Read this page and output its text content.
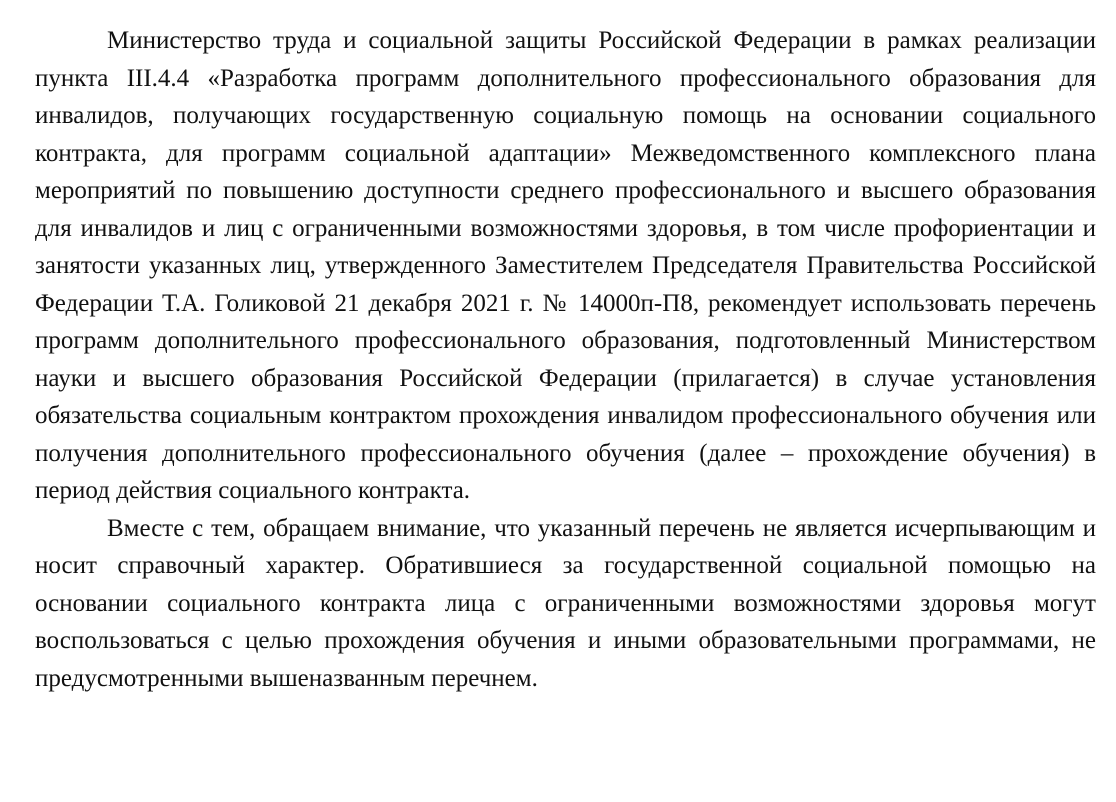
Министерство труда и социальной защиты Российской Федерации в рамках реализации пункта III.4.4 «Разработка программ дополнительного профессионального образования для инвалидов, получающих государственную социальную помощь на основании социального контракта, для программ социальной адаптации» Межведомственного комплексного плана мероприятий по повышению доступности среднего профессионального и высшего образования для инвалидов и лиц с ограниченными возможностями здоровья, в том числе профориентации и занятости указанных лиц, утвержденного Заместителем Председателя Правительства Российской Федерации Т.А. Голиковой 21 декабря 2021 г. № 14000п-П8, рекомендует использовать перечень программ дополнительного профессионального образования, подготовленный Министерством науки и высшего образования Российской Федерации (прилагается) в случае установления обязательства социальным контрактом прохождения инвалидом профессионального обучения или получения дополнительного профессионального обучения (далее – прохождение обучения) в период действия социального контракта.

Вместе с тем, обращаем внимание, что указанный перечень не является исчерпывающим и носит справочный характер. Обратившиеся за государственной социальной помощью на основании социального контракта лица с ограниченными возможностями здоровья могут воспользоваться с целью прохождения обучения и иными образовательными программами, не предусмотренными вышеназванным перечнем.
